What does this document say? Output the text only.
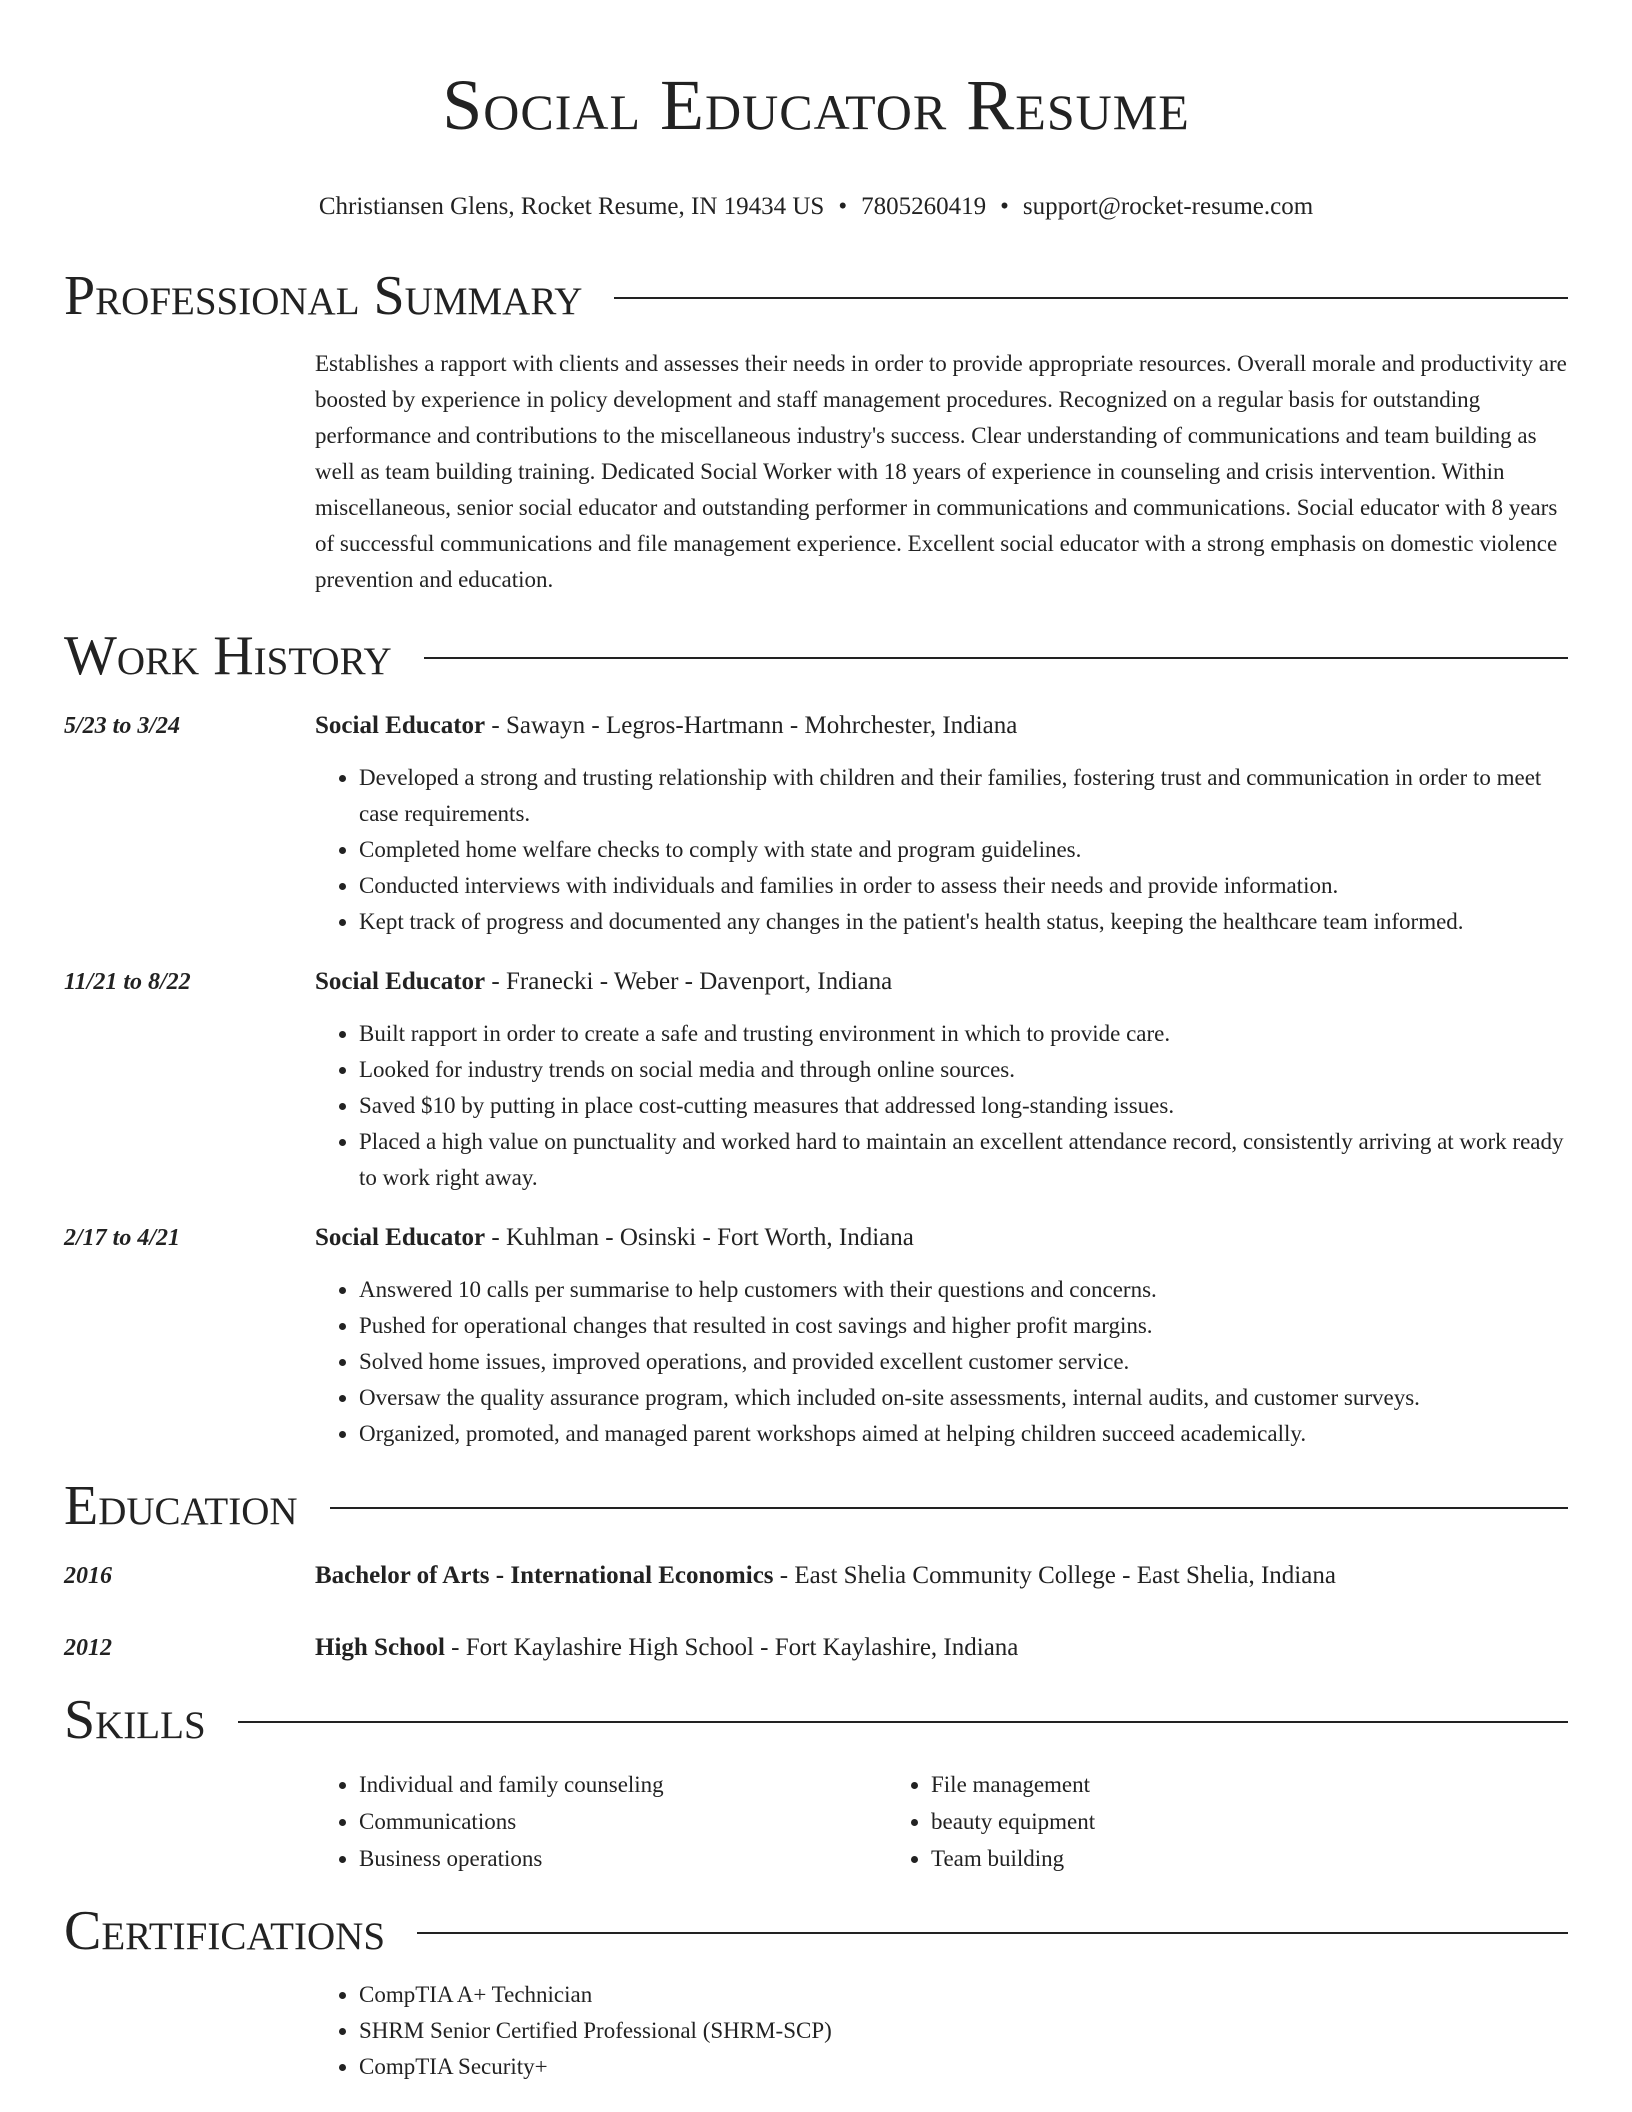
Social Educator Resume
Christiansen Glens, Rocket Resume, IN 19434 US • 7805260419 • support@rocket-resume.com
Professional Summary
Establishes a rapport with clients and assesses their needs in order to provide appropriate resources. Overall morale and productivity are boosted by experience in policy development and staff management procedures. Recognized on a regular basis for outstanding performance and contributions to the miscellaneous industry's success. Clear understanding of communications and team building as well as team building training. Dedicated Social Worker with 18 years of experience in counseling and crisis intervention. Within miscellaneous, senior social educator and outstanding performer in communications and communications. Social educator with 8 years of successful communications and file management experience. Excellent social educator with a strong emphasis on domestic violence prevention and education.
Work History
5/23 to 3/24	Social Educator - Sawayn - Legros-Hartmann - Mohrchester, Indiana
• Developed a strong and trusting relationship with children and their families, fostering trust and communication in order to meet case requirements.
• Completed home welfare checks to comply with state and program guidelines.
• Conducted interviews with individuals and families in order to assess their needs and provide information.
• Kept track of progress and documented any changes in the patient's health status, keeping the healthcare team informed.
11/21 to 8/22	Social Educator - Franecki - Weber - Davenport, Indiana
• Built rapport in order to create a safe and trusting environment in which to provide care.
• Looked for industry trends on social media and through online sources.
• Saved $10 by putting in place cost-cutting measures that addressed long-standing issues.
• Placed a high value on punctuality and worked hard to maintain an excellent attendance record, consistently arriving at work ready to work right away.
2/17 to 4/21	Social Educator - Kuhlman - Osinski - Fort Worth, Indiana
• Answered 10 calls per summarise to help customers with their questions and concerns.
• Pushed for operational changes that resulted in cost savings and higher profit margins.
• Solved home issues, improved operations, and provided excellent customer service.
• Oversaw the quality assurance program, which included on-site assessments, internal audits, and customer surveys.
• Organized, promoted, and managed parent workshops aimed at helping children succeed academically.
Education
2016	Bachelor of Arts - International Economics - East Shelia Community College - East Shelia, Indiana
2012	High School - Fort Kaylashire High School - Fort Kaylashire, Indiana
Skills
• Individual and family counseling
• Communications
• Business operations
• File management
• beauty equipment
• Team building
Certifications
• CompTIA A+ Technician
• SHRM Senior Certified Professional (SHRM-SCP)
• CompTIA Security+
